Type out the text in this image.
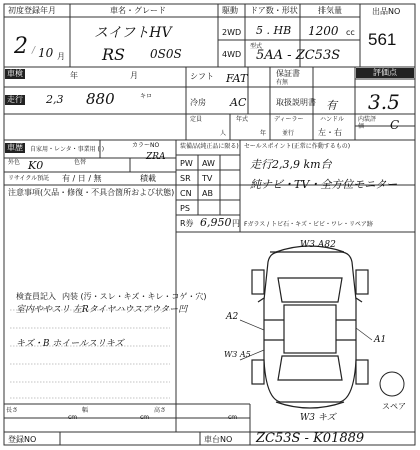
初度登録年月	車名・グレード	駆動 ドア数・形状	排気量	出品NO
561
2 / 10 月
スイフトHV
RS 0S0S
2WD
4WD
5 . HB 1200 cc
型式
5AA - ZC53S
車検	年	月
走行 2,3 880	キロ
シフト FAT
冷房 AC
保証書
有無
取扱説明書 有
評価点
3.5
定員
人
年式
年
ディーラー
並行
ハンドル
左・右
内装評価	C
車歴	自家用・レンタ・事業用 ( )
外色 K0	色替
カラーNO
ZRA
リサイクル預託 有 / 日 / 無	積載
注意事項(欠品・修復・不具合箇所および状態)
装備品(純正品に限る)
PW AW
SR TV
CN AB
PS
R券 6,950 円
セールスポイント(正常に作動するもの)
走行2,3,9 km台
純ナビ・TV・全方位モニター
Fガラス / トビ石・キズ・ビビ・ワレ・リペア跡
検査員記入 内装 (汚・スレ・キズ・キレ・コゲ・穴)
室内ややスリ 左Rタイヤハウスアウター凹
キズ・B ホイールスリキズ
W3 A82
A2
A1
W3 A5
W3 キズ
スペア
長さ
cm
幅
cm
高さ
cm
登録NO	車台NO ZC53S - K01889
